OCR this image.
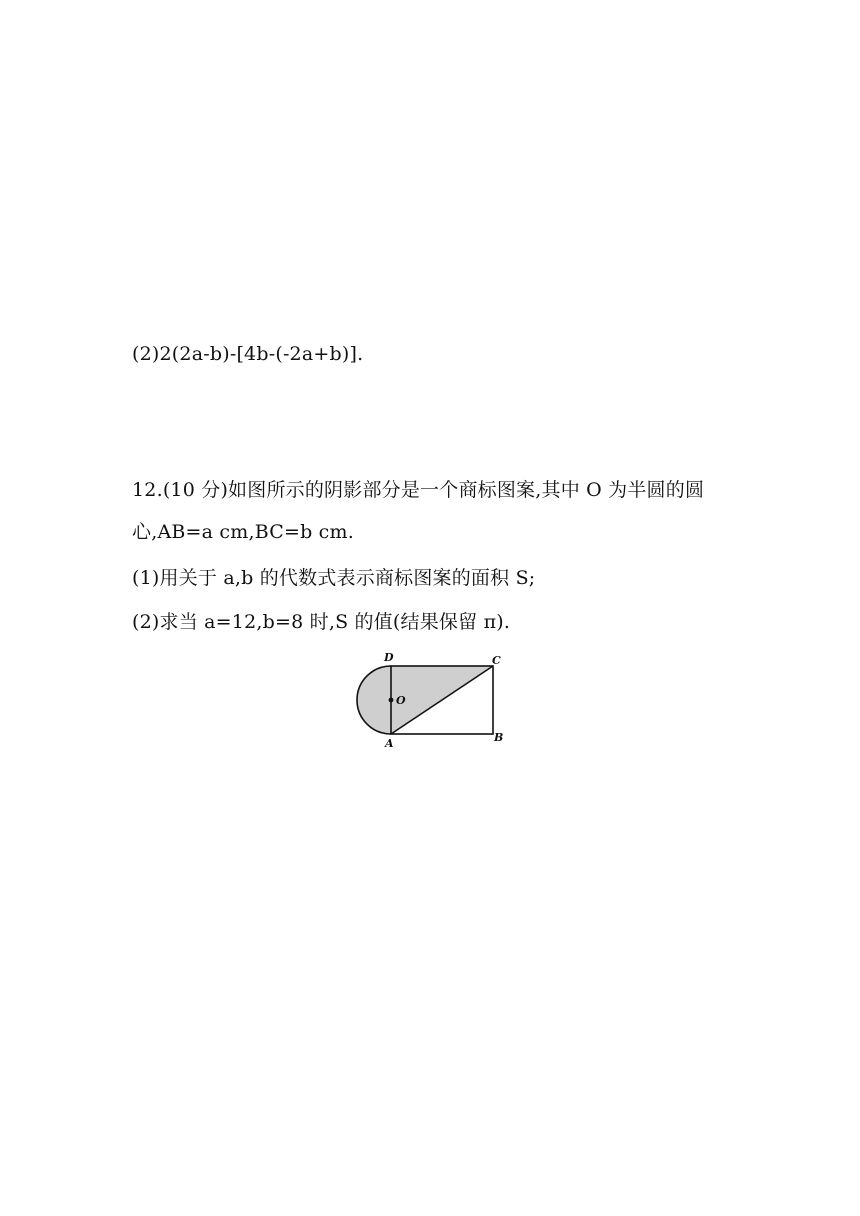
(2)2(2a-b)-[4b-(-2a+b)].
12.(10 分)如图所示的阴影部分是一个商标图案,其中 O 为半圆的圆
心,AB=a cm,BC=b cm.
(1)用关于 a,b 的代数式表示商标图案的面积 S;
(2)求当 a=12,b=8 时,S 的值(结果保留 π).
D	C
O
A	B
